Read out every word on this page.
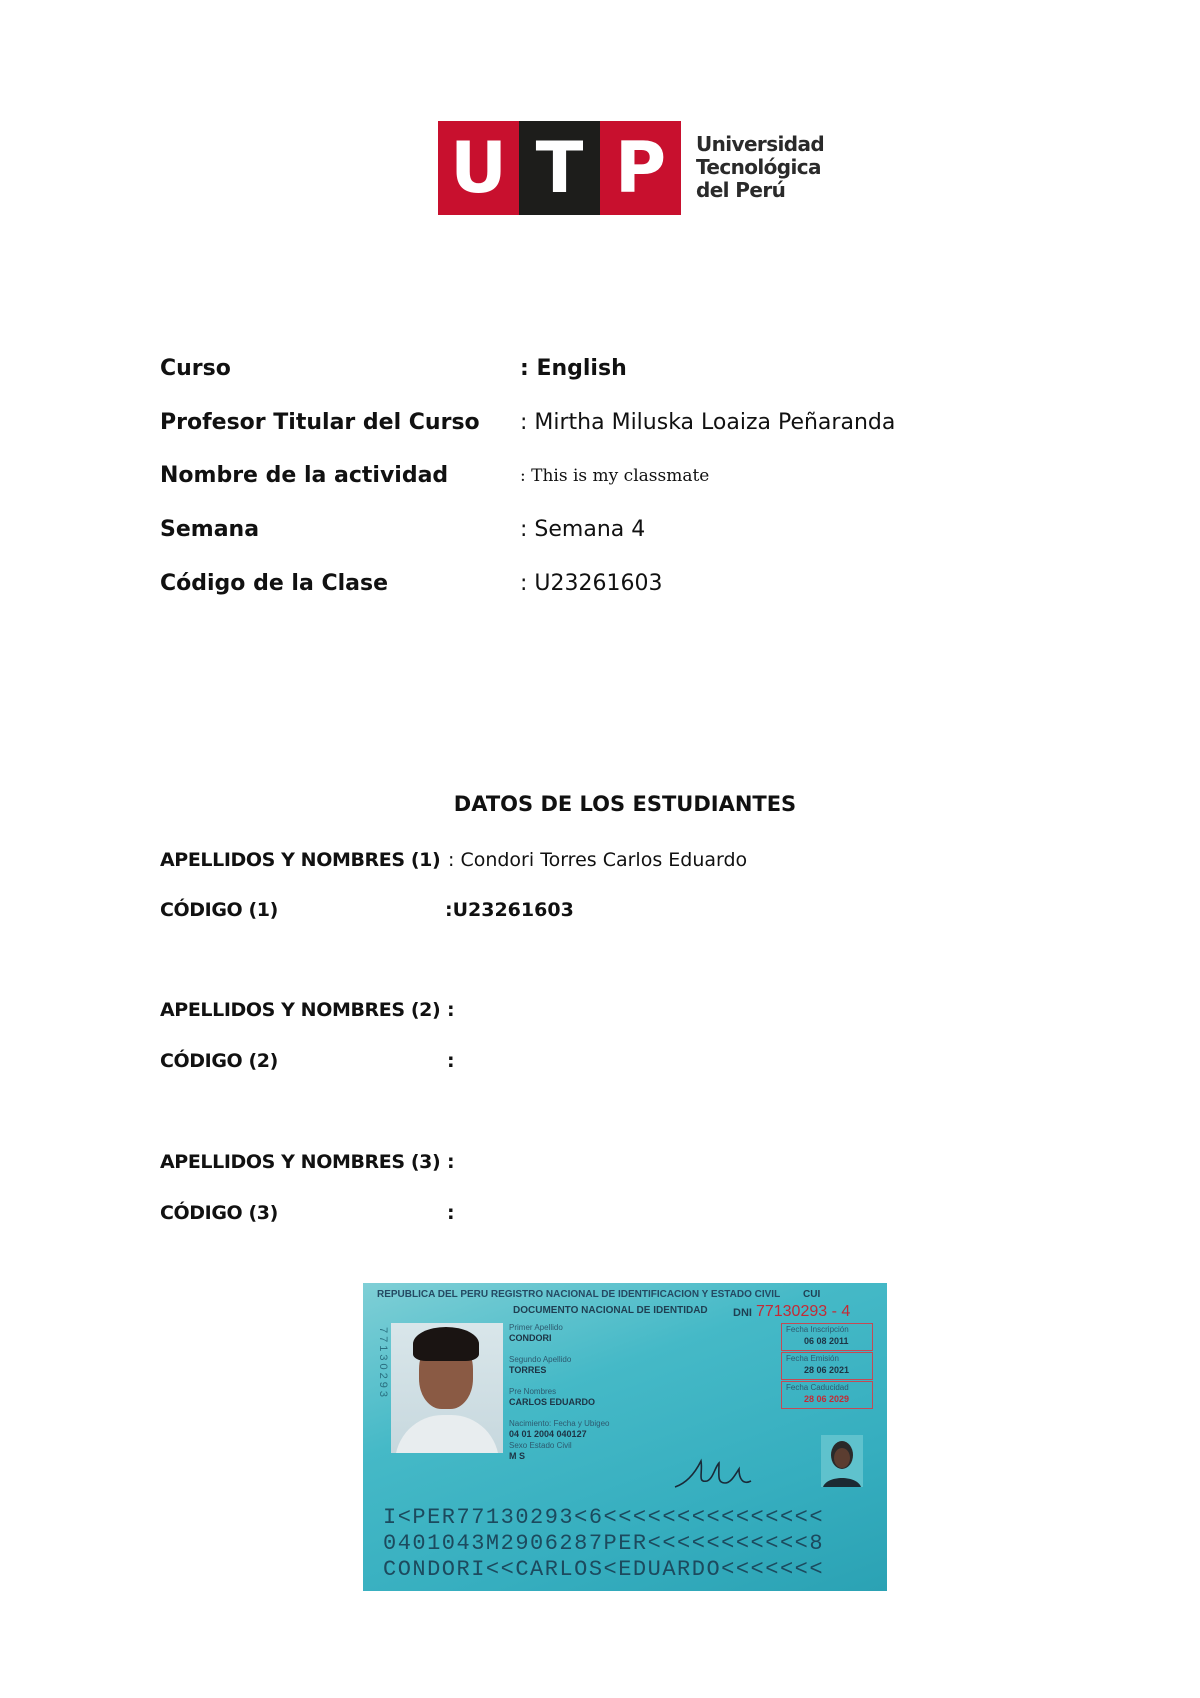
U T P	Universidad
Tecnológica
del Perú
Curso	: English
Profesor Titular del Curso : Mirtha Miluska Loaiza Peñaranda
Nombre de la actividad	: This is my classmate
Semana	: Semana 4
Código de la Clase	: U23261603
DATOS DE LOS ESTUDIANTES
APELLIDOS Y NOMBRES (1) : Condori Torres Carlos Eduardo
CÓDIGO (1)	:U23261603
APELLIDOS Y NOMBRES (2) :
CÓDIGO (2)	:
APELLIDOS Y NOMBRES (3) :
CÓDIGO (3)	:
REPUBLICA DEL PERU REGISTRO NACIONAL DE IDENTIFICACION Y ESTADO CIVIL CUI
DOCUMENTO NACIONAL DE IDENTIDAD DNI 77130293 - 4
77130293	Primer Apellido
CONDORI
Segundo Apellido
TORRES
Pre Nombres
CARLOS EDUARDO
Nacimiento: Fecha y Ubigeo
04 01 2004 040127
Sexo Estado Civil
M S
Fecha Inscripción
06 08 2011
Fecha Emisión
28 06 2021
Fecha Caducidad
28 06 2029
I<PER77130293<6<<<<<<<<<<<<<<<
0401043M2906287PER<<<<<<<<<<<8
CONDORI<<CARLOS<EDUARDO<<<<<<<
